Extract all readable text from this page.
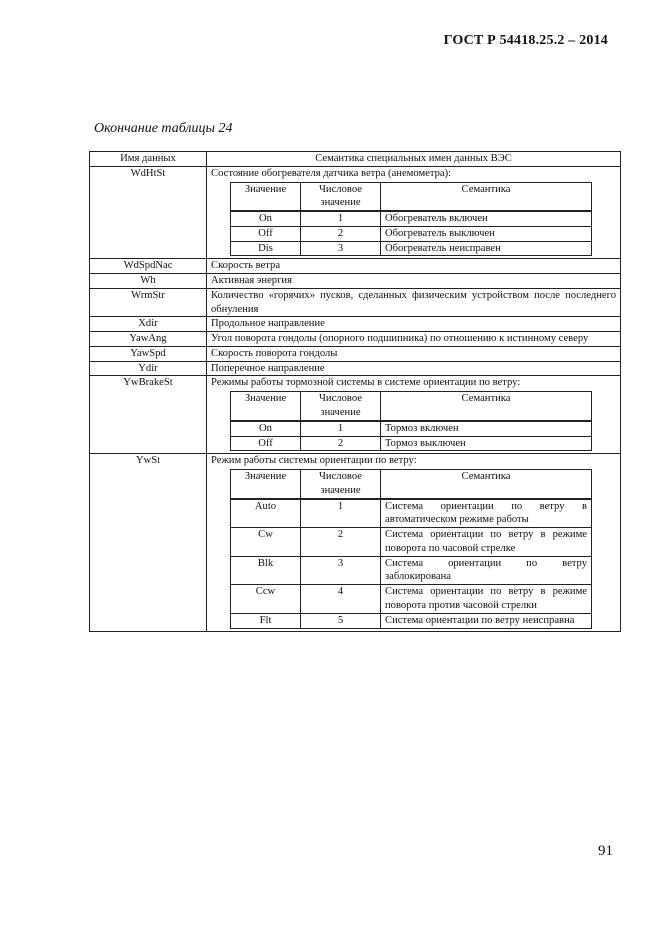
ГОСТ Р 54418.25.2 – 2014
Окончание таблицы 24
Имя данных	Семантика специальных имен данных ВЭС
WdHtSt	Состояние обогревателя датчика ветра (анемометра):
Значение	Числовое значение	Семантика
On	1	Обогреватель включен
Off	2	Обогреватель выключен
Dis	3	Обогреватель неисправен

WdSpdNac	Скорость ветра
Wh	Активная энергия
WrmStr	Количество «горячих» пусков, сделанных физическим устройством после последнего обнуления
Xdir	Продольное направление
YawAng	Угол поворота гондолы (опорного подшипника) по отношению к истинному северу
YawSpd	Скорость поворота гондолы
Ydir	Поперечное направление
YwBrakeSt	Режимы работы тормозной системы в системе ориентации по ветру:
Значение	Числовое значение	Семантика
On	1	Тормоз включен
Off	2	Тормоз выключен

YwSt	Режим работы системы ориентации по ветру:
Значение	Числовое значение	Семантика
Auto	1	Система ориентации по ветру в автоматическом режиме работы
Cw	2	Система ориентации по ветру в режиме поворота по часовой стрелке
Blk	3	Система ориентации по ветру заблокирована
Ccw	4	Система ориентации по ветру в режиме поворота против часовой стрелки
Flt	5	Система ориентации по ветру неисправна
91
